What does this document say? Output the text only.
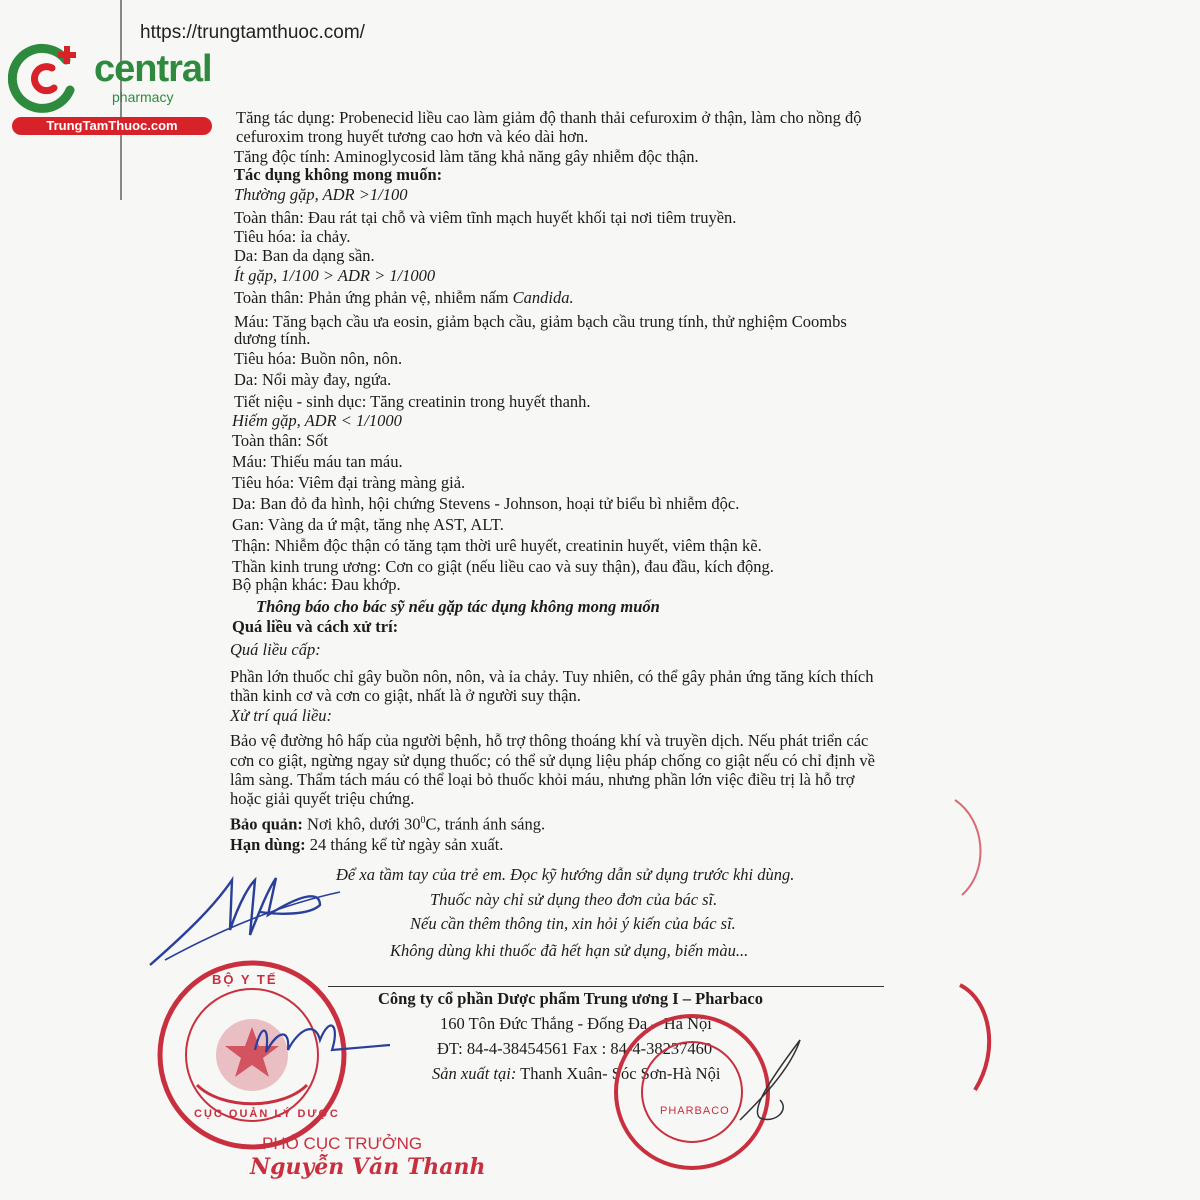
https://trungtamthuoc.com/
central
pharmacy
TrungTamThuoc.com	Tăng tác dụng: Probenecid liều cao làm giảm độ thanh thải cefuroxim ở thận, làm cho nồng độ
cefuroxim trong huyết tương cao hơn và kéo dài hơn.
Tăng độc tính: Aminoglycosid làm tăng khả năng gây nhiễm độc thận.
Tác dụng không mong muốn:
Thường gặp, ADR >1/100
Toàn thân: Đau rát tại chỗ và viêm tĩnh mạch huyết khối tại nơi tiêm truyền.
Tiêu hóa: ỉa chảy.
Da: Ban da dạng sần.
Ít gặp, 1/100 > ADR > 1/1000
Toàn thân: Phản ứng phản vệ, nhiễm nấm Candida.
Máu: Tăng bạch cầu ưa eosin, giảm bạch cầu, giảm bạch cầu trung tính, thử nghiệm Coombs
dương tính.
Tiêu hóa: Buồn nôn, nôn.
Da: Nổi mày đay, ngứa.
Tiết niệu - sinh dục: Tăng creatinin trong huyết thanh.
Hiếm gặp, ADR < 1/1000
Toàn thân: Sốt
Máu: Thiếu máu tan máu.
Tiêu hóa: Viêm đại tràng màng giả.
Da: Ban đỏ đa hình, hội chứng Stevens - Johnson, hoại tử biểu bì nhiễm độc.
Gan: Vàng da ứ mật, tăng nhẹ AST, ALT.
Thận: Nhiễm độc thận có tăng tạm thời urê huyết, creatinin huyết, viêm thận kẽ.
Thần kinh trung ương: Cơn co giật (nếu liều cao và suy thận), đau đầu, kích động.
Bộ phận khác: Đau khớp.
Thông báo cho bác sỹ nếu gặp tác dụng không mong muốn
Quá liều và cách xử trí:
Quá liều cấp:
Phần lớn thuốc chỉ gây buồn nôn, nôn, và ỉa chảy. Tuy nhiên, có thể gây phản ứng tăng kích thích
thần kinh cơ và cơn co giật, nhất là ở người suy thận.
Xử trí quá liều:
Bảo vệ đường hô hấp của người bệnh, hỗ trợ thông thoáng khí và truyền dịch. Nếu phát triển các
cơn co giật, ngừng ngay sử dụng thuốc; có thể sử dụng liệu pháp chống co giật nếu có chỉ định về
lâm sàng. Thẩm tách máu có thể loại bỏ thuốc khỏi máu, nhưng phần lớn việc điều trị là hỗ trợ
hoặc giải quyết triệu chứng.
Bảo quản: Nơi khô, dưới $30^0C$, tránh ánh sáng.
Hạn dùng: 24 tháng kể từ ngày sản xuất.
Để xa tầm tay của trẻ em. Đọc kỹ hướng dẫn sử dụng trước khi dùng.
Thuốc này chỉ sử dụng theo đơn của bác sĩ.
Nếu cần thêm thông tin, xin hỏi ý kiến của bác sĩ.
Không dùng khi thuốc đã hết hạn sử dụng, biến màu...
Công ty cổ phần Dược phẩm Trung ương I – Pharbaco
160 Tôn Đức Thắng - Đống Đa – Hà Nội
ĐT: 84-4-38454561 Fax : 84-4-38237460
Sản xuất tại: Thanh Xuân- Sóc Sơn-Hà Nội
BỘ Y TẾ
CỤC QUẢN LÝ DƯỢC	PHARBACO
PHÓ CỤC TRƯỞNG
Nguyễn Văn Thanh
